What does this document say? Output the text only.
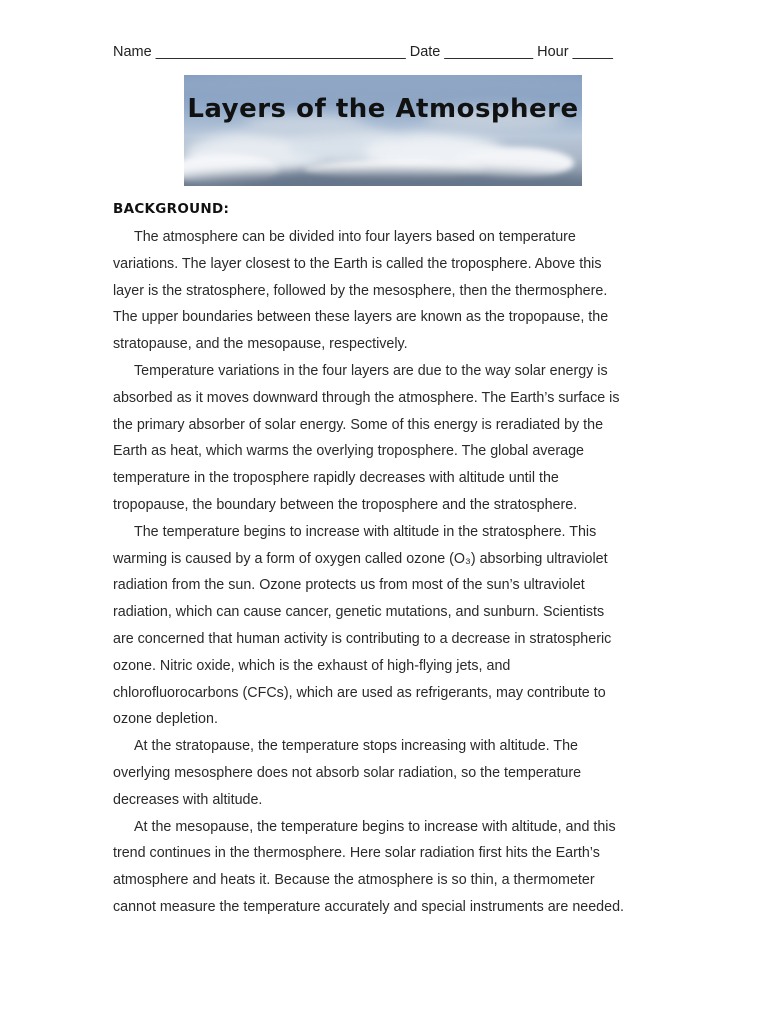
Name _______________________________ Date ___________ Hour _____
Layers of the Atmosphere
BACKGROUND:
The atmosphere can be divided into four layers based on temperature
variations. The layer closest to the Earth is called the troposphere. Above this
layer is the stratosphere, followed by the mesosphere, then the thermosphere.
The upper boundaries between these layers are known as the tropopause, the
stratopause, and the mesopause, respectively.
Temperature variations in the four layers are due to the way solar energy is
absorbed as it moves downward through the atmosphere. The Earth’s surface is
the primary absorber of solar energy. Some of this energy is reradiated by the
Earth as heat, which warms the overlying troposphere. The global average
temperature in the troposphere rapidly decreases with altitude until the
tropopause, the boundary between the troposphere and the stratosphere.
The temperature begins to increase with altitude in the stratosphere. This
warming is caused by a form of oxygen called ozone (O₃) absorbing ultraviolet
radiation from the sun. Ozone protects us from most of the sun’s ultraviolet
radiation, which can cause cancer, genetic mutations, and sunburn. Scientists
are concerned that human activity is contributing to a decrease in stratospheric
ozone. Nitric oxide, which is the exhaust of high-flying jets, and
chlorofluorocarbons (CFCs), which are used as refrigerants, may contribute to
ozone depletion.
At the stratopause, the temperature stops increasing with altitude. The
overlying mesosphere does not absorb solar radiation, so the temperature
decreases with altitude.
At the mesopause, the temperature begins to increase with altitude, and this
trend continues in the thermosphere. Here solar radiation first hits the Earth’s
atmosphere and heats it. Because the atmosphere is so thin, a thermometer
cannot measure the temperature accurately and special instruments are needed.
